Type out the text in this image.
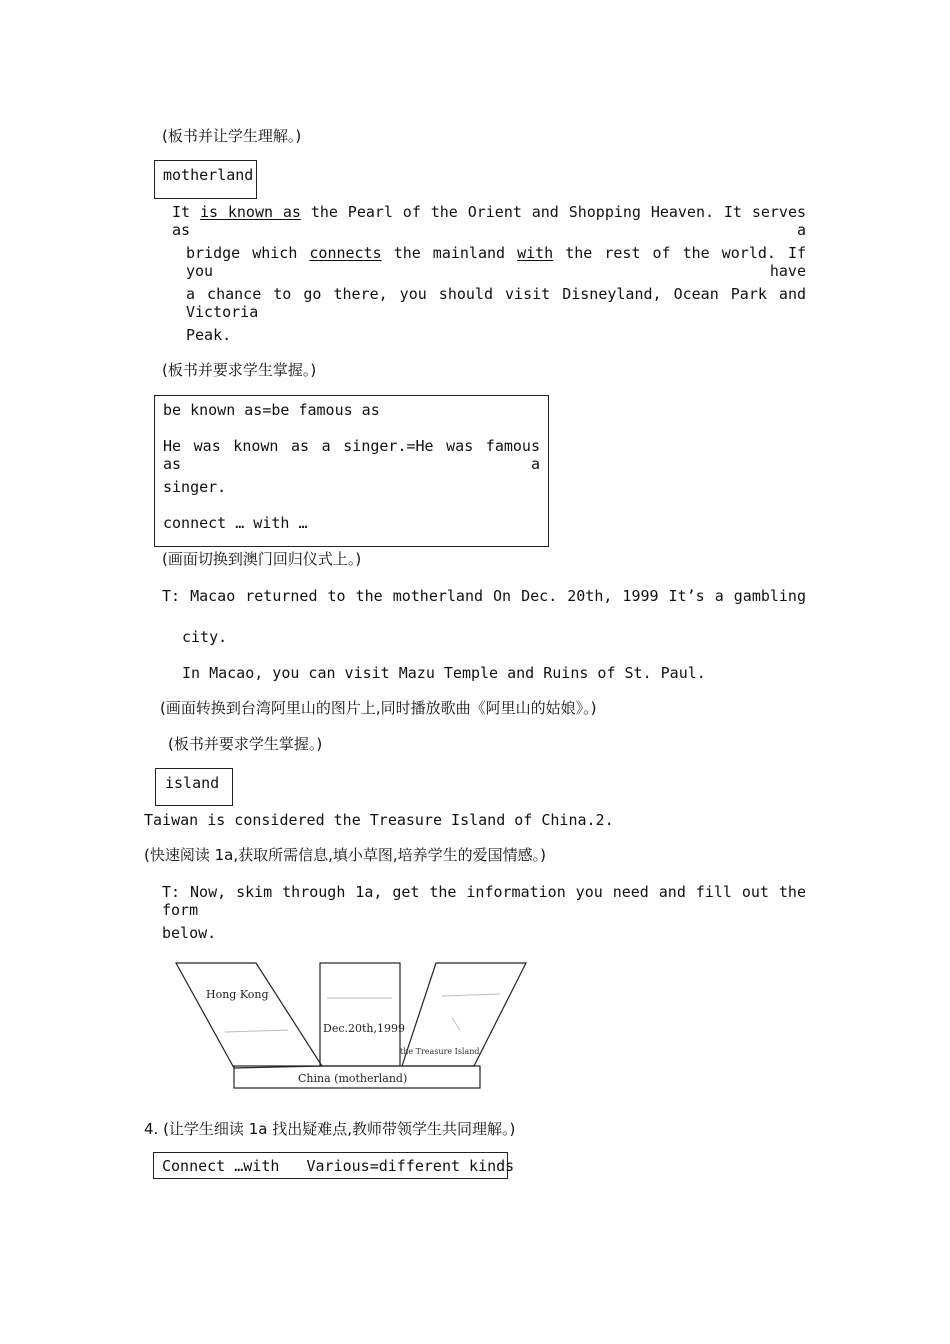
(板书并让学生理解。)
motherland
It is known as the Pearl of the Orient and Shopping Heaven. It serves as a
bridge which connects the mainland with the rest of the world. If you have
a chance to go there, you should visit Disneyland, Ocean Park and Victoria
Peak.
(板书并要求学生掌握。)
be known as=be famous as
He was known as a singer.=He was famous as a
singer.
connect … with …
(画面切换到澳门回归仪式上。)
T: Macao returned to the motherland On Dec. 20th, 1999 It’s a gambling
city.
In Macao, you can visit Mazu Temple and Ruins of St. Paul.
(画面转换到台湾阿里山的图片上,同时播放歌曲《阿里山的姑娘》。)
(板书并要求学生掌握。)
island
Taiwan is considered the Treasure Island of China.2.
(快速阅读 1a,获取所需信息,填小草图,培养学生的爱国情感。)
T: Now, skim through 1a, get the information you need and fill out the form
below.
Hong Kong
Dec.20th,1999
the Treasure Island
China (motherland)
4. (让学生细读 1a 找出疑难点,教师带领学生共同理解。)
Connect …with   Various=different kinds
